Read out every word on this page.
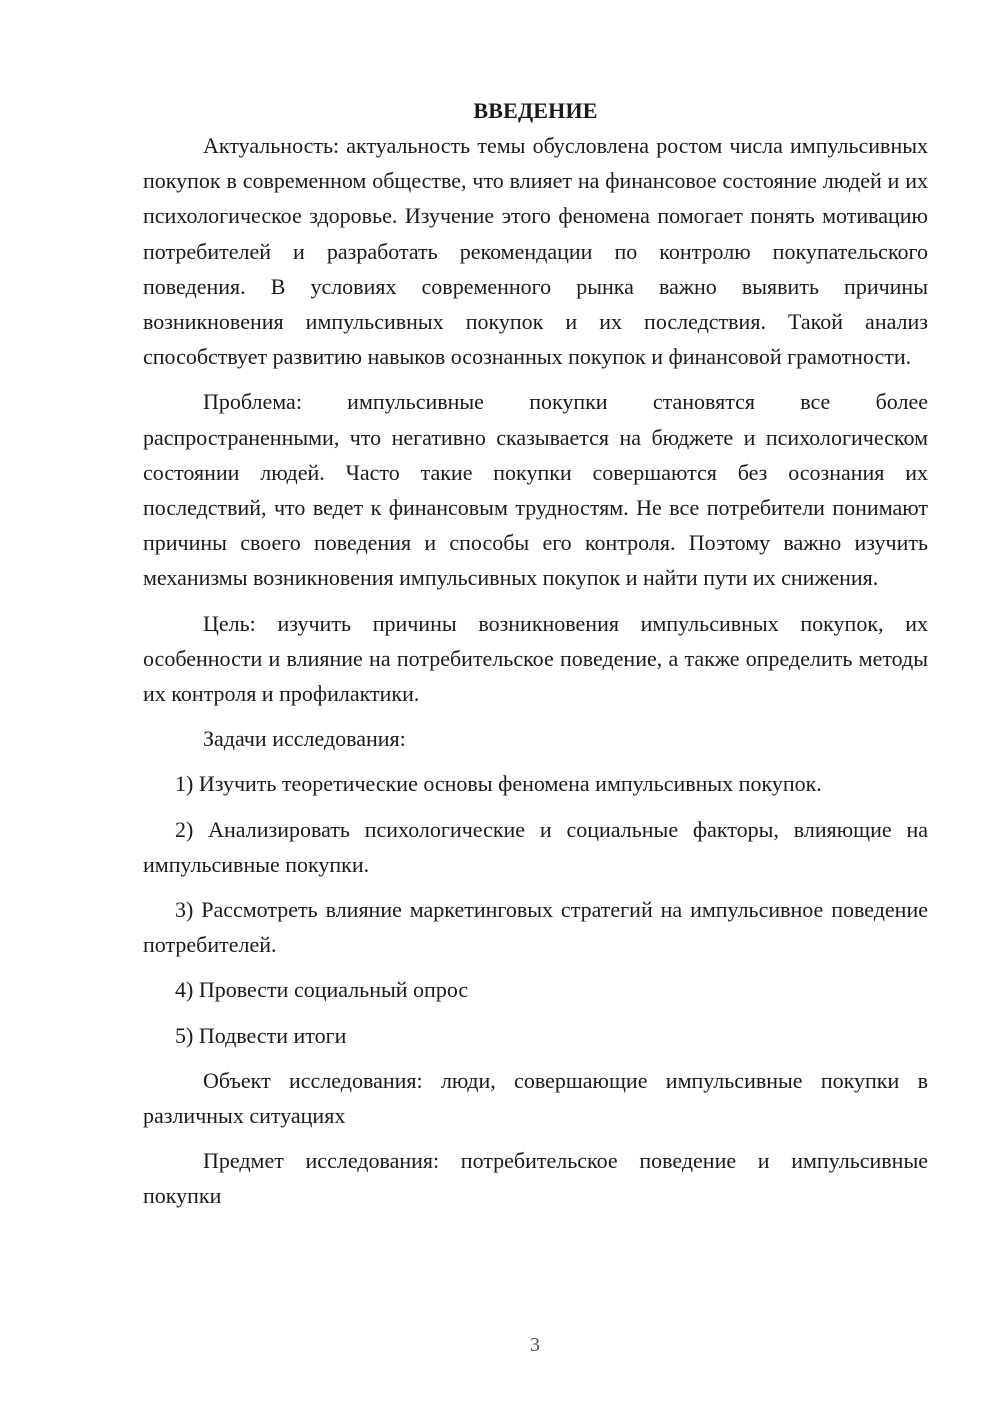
ВВЕДЕНИЕ

Актуальность: актуальность темы обусловлена ростом числа импульсивных покупок в современном обществе, что влияет на финансовое состояние людей и их психологическое здоровье. Изучение этого феномена помогает понять мотивацию потребителей и разработать рекомендации по контролю покупательского поведения. В условиях современного рынка важно выявить причины возникновения импульсивных покупок и их последствия. Такой анализ способствует развитию навыков осознанных покупок и финансовой грамотности.

Проблема: импульсивные покупки становятся все более распространенными, что негативно сказывается на бюджете и психологическом состоянии людей. Часто такие покупки совершаются без осознания их последствий, что ведет к финансовым трудностям. Не все потребители понимают причины своего поведения и способы его контроля. Поэтому важно изучить механизмы возникновения импульсивных покупок и найти пути их снижения.

Цель: изучить причины возникновения импульсивных покупок, их особенности и влияние на потребительское поведение, а также определить методы их контроля и профилактики.

Задачи исследования:

1) Изучить теоретические основы феномена импульсивных покупок.

2) Анализировать психологические и социальные факторы, влияющие на импульсивные покупки.

3) Рассмотреть влияние маркетинговых стратегий на импульсивное поведение потребителей.

4) Провести социальный опрос

5) Подвести итоги

Объект исследования: люди, совершающие импульсивные покупки в различных ситуациях

Предмет исследования: потребительское поведение и импульсивные покупки

3
